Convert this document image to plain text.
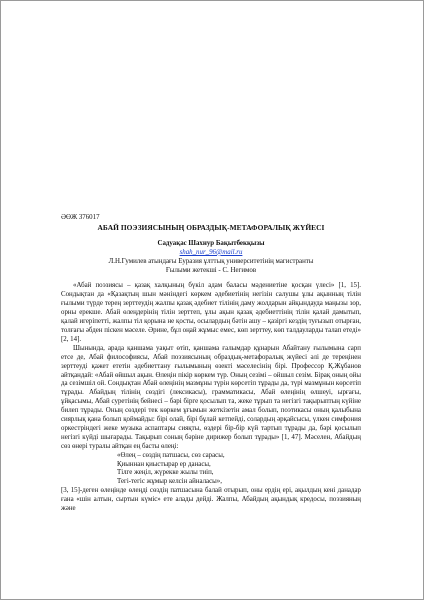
ӘӨЖ 376017

АБАЙ ПОЭЗИЯСЫНЫҢ ОБРАЗДЫҚ-МЕТАФОРАЛЫҚ ЖҮЙЕСІ

Садуақас Шахнур Бақытбекқызы
shah_nur_96@mail.ru
Л.Н.Гумилев атындағы Еуразия ұлттық университетінің магистранты
Ғылыми жетекші - С. Негимов

«Абай поэзиясы – қазақ халқының бүкіл адам баласы мәдениетіне қосқан үлесі» [1, 15]. Сондықтан да «Қазақтың шын мәніндегі көркем әдебиетінің негізін салушы ұлы ақынның тілін ғылыми түрде терең зерттеудің жалпы қазақ әдебиет тілінің даму жолдарын айқындауда маңызы зор, орны ерекше. Абай өлеңдерінің тілін зерттеп, ұлы ақын қазақ әдебиеттінің тілін қалай дамытып, қалай игеріпетті, жалпы тіл қорына не қосты, осылардың бәтін ашу – қазіргі кездің туғызып отырған, толғағы әбден піскен мәселе. Әрине, бұл оңай жұмыс емес, көп зерттеу, көп талдауларды талап етеді» [2, 14].

Шынында, арада қаншама уақыт өтіп, қаншама ғалымдар құнарын Абайтану ғылымына сарп етсе де, Абай философиясы, Абай поэзиясының образдық-метафоралық жүйесі әлі де тереңінен зерттеуді қажет ететін әдебиеттану ғылымының өзекті мәселесінің бірі. Профессор Қ.Жұбанов айтқандай: «Абай өйшыл ақын. Өлеңін пікір көркем түр. Оның сезімі – ойшыл сезім. Бірақ оның ойы да сезімшіл ой. Сондықтан Абай өлеңінің мазмұны түрін көрсетіп тұрады да, түрі мазмұнын көрсетіп тұрады. Абайдың тілінің сөздігі (лексикасы), грамматикасы, Абай өлеңінің өлшеуі, ырғағы, ұйқасымы, Абай суретінің бейнесі – бәрі бірге қосылып та, жеке тұрып та негізгі тақырыптың күйіне билеп тұрады. Оның сөздері тек көркем ұғымын жеткізетін амал болып, поэтикасы оның қалыбына сиярлық қана болып қоймайды: бірі олай, бірі бұлай кетпейді, солардың әрқайсысы, үлкен симфония оркестріндегі жеке музыка аспаптары сияқты, өздері бір-бір күй тартып тұрады да, бәрі қосылып негізгі күйді шығарады. Тақырып соның бәріне дирижер болып тұрады» [1, 47]. Мәселен, Абайдың сөз өнері туралы айтқан ең басты өлеңі:

«Өлең – сөздің патшасы, сөз сарасы,
Қиыннан қиыстырар ер данасы,
Тілге жеңіл, жүрекке жылы тиіп,
Тегі-тегіс жұмыр келсін айналасы»,

[3, 15]-деген өлеңінде өлеңді сөздің патшасына балай отырып, оны ердің ері, ақылдың кені данадар ғана «шін алтын, сыртын күміс» ете алады дейді. Жалпы, Абайдың ақындық кредосы, поэзияның және
